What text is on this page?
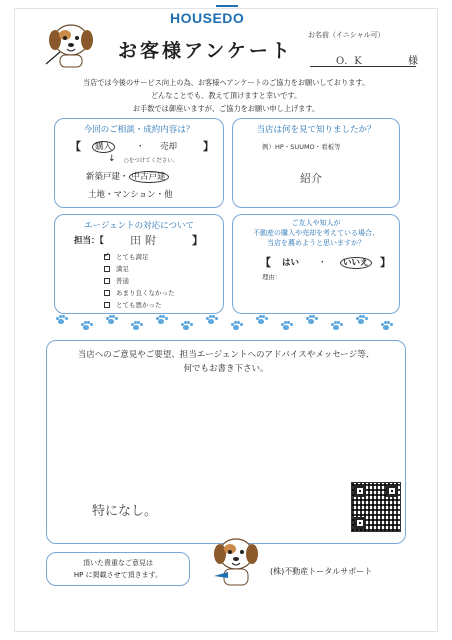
HOUSEDO
お客様アンケート
お名前（イニシャル可）
O．K	様
当店では今後のサービス向上の為、お客様へアンケートのご協力をお願いしております。
どんなことでも、教えて頂けますと幸いです。
お手数では御座いますが、ご協力をお願い申し上げます。
今回のご相談・成約内容は？
【	購入	・ 売却 】
↓ ○をつけてください。
新築戸建・ 中古戸建
土地・マンション・他
当店は何を見て知りましたか？
例）HP・SUUMO・看板等
紹介
エージェントの対応について
担当：【 田附	】
✓とても満足
満足
普通
あまり良くなかった
とても悪かった
ご友人や知人が
不動産の購入や売却を考えている場合、
当店を薦めようと思いますか？
【 はい ・	いいえ 】
理由：
当店へのご意見やご要望、担当エージェントへのアドバイスやメッセージ等、
何でもお書き下さい。
特になし。
頂いた貴重なご意見は
HP に掲載させて頂きます。	(株)不動産トータルサポート
